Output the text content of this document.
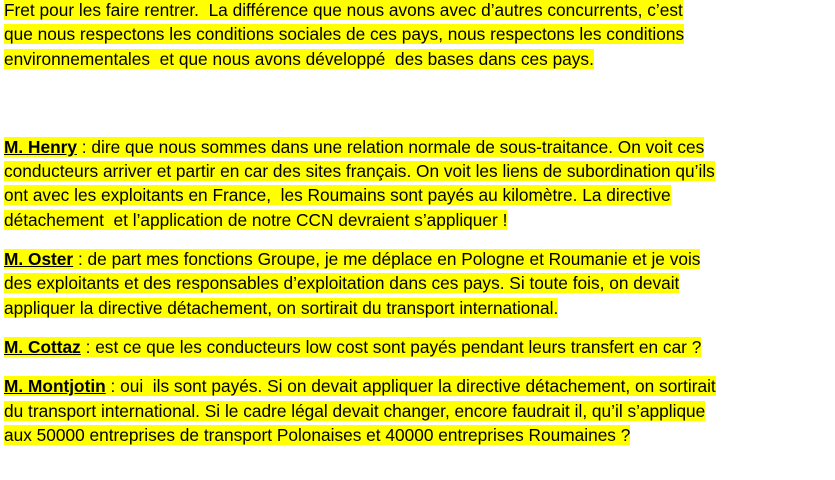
Fret pour les faire rentrer.  La différence que nous avons avec d’autres concurrents, c’est
que nous respectons les conditions sociales de ces pays, nous respectons les conditions
environnementales  et que nous avons développé  des bases dans ces pays.
M. Henry : dire que nous sommes dans une relation normale de sous-traitance. On voit ces
conducteurs arriver et partir en car des sites français. On voit les liens de subordination qu’ils
ont avec les exploitants en France,  les Roumains sont payés au kilomètre. La directive
détachement  et l’application de notre CCN devraient s’appliquer !
M. Oster : de part mes fonctions Groupe, je me déplace en Pologne et Roumanie et je vois
des exploitants et des responsables d’exploitation dans ces pays. Si toute fois, on devait
appliquer la directive détachement, on sortirait du transport international.
M. Cottaz : est ce que les conducteurs low cost sont payés pendant leurs transfert en car ?
M. Montjotin : oui  ils sont payés. Si on devait appliquer la directive détachement, on sortirait
du transport international. Si le cadre légal devait changer, encore faudrait il, qu’il s’applique
aux 50000 entreprises de transport Polonaises et 40000 entreprises Roumaines ?
